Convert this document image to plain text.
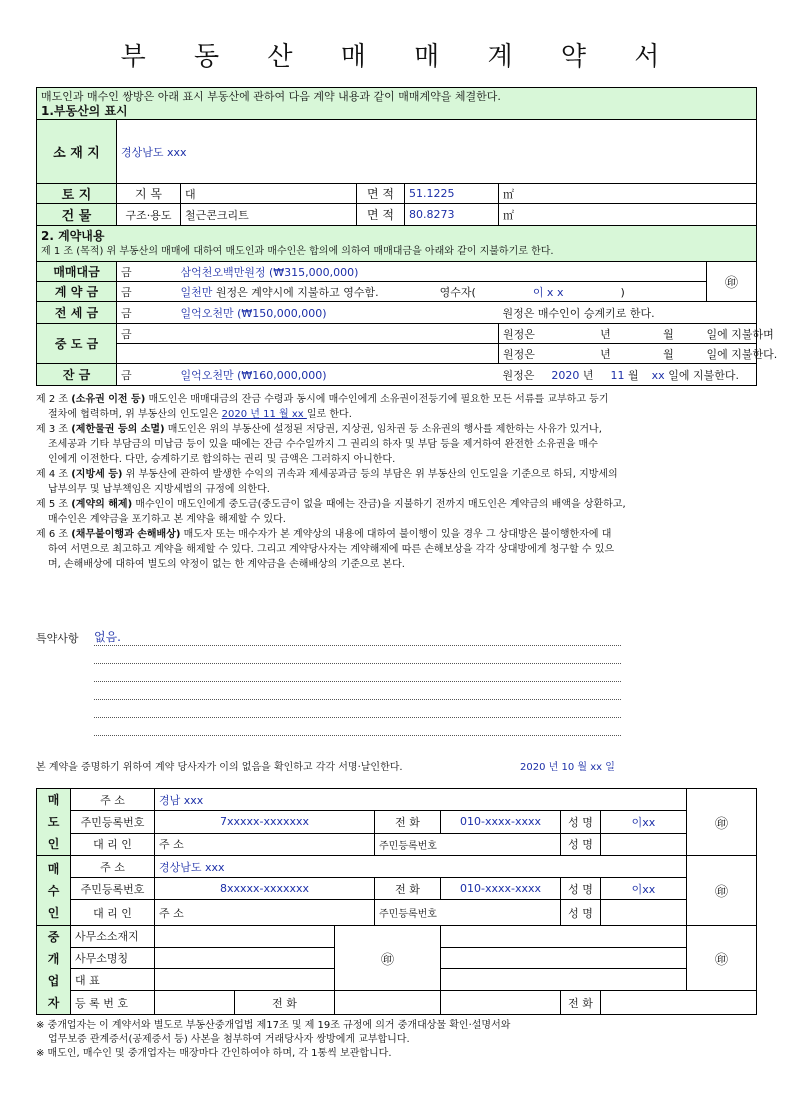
부 동 산 매 매 계 약 서
매도인과 매수인 쌍방은 아래 표시 부동산에 관하여 다음 계약 내용과 같이 매매계약을 체결한다.
1.부동산의 표시								

소 재 지	경상남도 xxx							
토 지	지 목	대	면 적	51.1225	㎡			
건 물	구조·용도	철근콘크리트	면 적	80.8273	㎡			

2. 계약내용
제 1 조 (목적) 위 부동산의 매매에 대하여 매도인과 매수인은 합의에 의하여 매매대금을 아래와 같이 지불하기로 한다.								

매매대금	금	삼억천오백만원정 (₩315,000,000)						㊞
계 약 금	금	일천만 원정은 계약시에 지불하고 영수함. 영수자( 이 x x )						
전 세 금	금	일억오천만 (₩150,000,000)			원정은 매수인이 승계키로 한다.			
중 도 금	금				원정은	년	월	일에 지불하며
					원정은	년	월	일에 지불한다.
잔 금	금	일억오천만 (₩160,000,000)			원정은 2020 년 11 월 xx 일에 지불한다.			

제 2 조 (소유권 이전 등) 매도인은 매매대금의 잔금 수령과 동시에 매수인에게 소유권이전등기에 필요한 모든 서류를 교부하고 등기

절차에 협력하며, 위 부동산의 인도일은 2020 년 11 월 xx 일로 한다.

제 3 조 (제한물권 등의 소멸) 매도인은 위의 부동산에 설정된 저당권, 지상권, 임차권 등 소유권의 행사를 제한하는 사유가 있거나,

조세공과 기타 부담금의 미납금 등이 있을 때에는 잔금 수수일까지 그 권리의 하자 및 부담 등을 제거하여 완전한 소유권을 매수

인에게 이전한다. 다만, 승계하기로 합의하는 권리 및 금액은 그러하지 아니한다.

제 4 조 (지방세 등) 위 부동산에 관하여 발생한 수익의 귀속과 제세공과금 등의 부담은 위 부동산의 인도일을 기준으로 하되, 지방세의

납부의무 및 납부책임은 지방세법의 규정에 의한다.

제 5 조 (계약의 해제) 매수인이 매도인에게 중도금(중도금이 없을 때에는 잔금)을 지불하기 전까지 매도인은 계약금의 배액을 상환하고,

매수인은 계약금을 포기하고 본 계약을 해제할 수 있다.

제 6 조 (채무불이행과 손해배상) 매도자 또는 매수자가 본 계약상의 내용에 대하여 불이행이 있을 경우 그 상대방은 불이행한자에 대

하여 서면으로 최고하고 계약을 해제할 수 있다. 그리고 계약당사자는 계약해제에 따른 손해보상을 각각 상대방에게 청구할 수 있으

며, 손해배상에 대하여 별도의 약정이 없는 한 계약금을 손해배상의 기준으로 본다.

특약사항	없음.
본 계약을 증명하기 위하여 계약 당사자가 이의 없음을 확인하고 각각 서명·날인한다.	2020 년 10 월 xx 일
매
도
인	주 소	경남 xxx							㊞
	주민등록번호	7xxxxx-xxxxxxx			전 화	010-xxxx-xxxx	성 명	이xx	
	대 리 인	주 소			주민등록번호		성 명		
매
수
인	주 소	경상남도 xxx							㊞
	주민등록번호	8xxxxx-xxxxxxx			전 화	010-xxxx-xxxx	성 명	이xx	
	대 리 인	주 소			주민등록번호		성 명		
중
개
업
자	사무소소재지			㊞					㊞
	사무소명칭								
	대 표								
	등 록 번 호		전 화				전 화		
※ 중개업자는 이 계약서와 별도로 부동산중개업법 제17조 및 제 19조 규정에 의거 중개대상물 확인·설명서와
업무보증 관계증서(공제증서 등) 사본을 첨부하여 거래당사자 쌍방에게 교부합니다.
※ 매도인, 매수인 및 중개업자는 매장마다 간인하여야 하며, 각 1통씩 보관합니다.
